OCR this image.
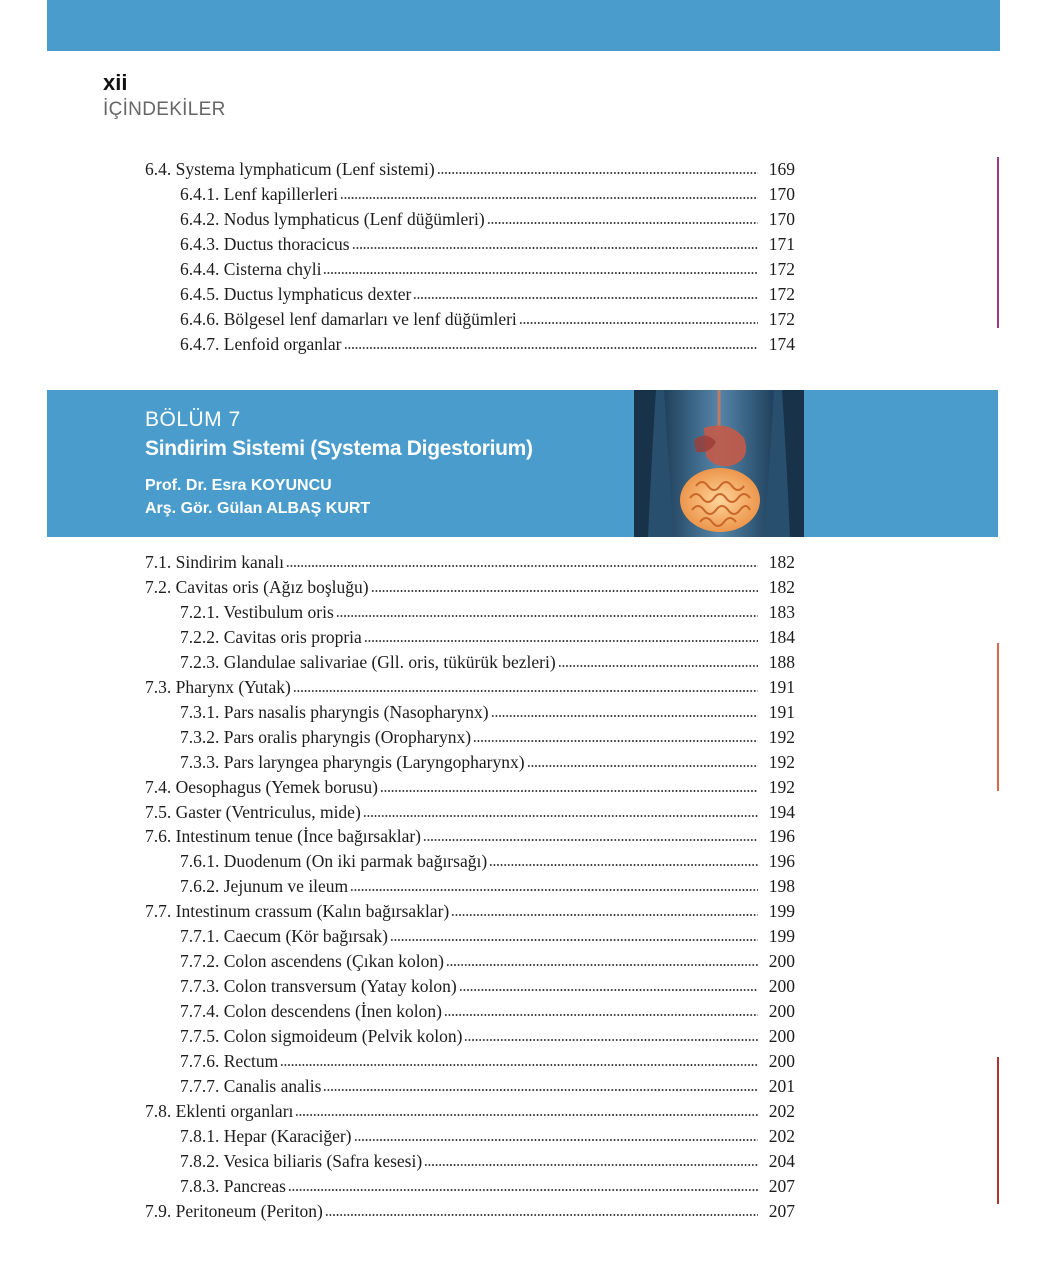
xii
İÇİNDEKİLER
6.4. Systema lymphaticum (Lenf sistemi)	169
6.4.1. Lenf kapillerleri	170
6.4.2. Nodus lymphaticus (Lenf düğümleri)	170
6.4.3. Ductus thoracicus	171
6.4.4. Cisterna chyli	172
6.4.5. Ductus lymphaticus dexter	172
6.4.6. Bölgesel lenf damarları ve lenf düğümleri	172
6.4.7. Lenfoid organlar	174
BÖLÜM 7
Sindirim Sistemi (Systema Digestorium)
Prof. Dr. Esra KOYUNCU
Arş. Gör. Gülan ALBAŞ KURT
7.1. Sindirim kanalı	182
7.2. Cavitas oris (Ağız boşluğu)	182
7.2.1. Vestibulum oris	183
7.2.2. Cavitas oris propria	184
7.2.3. Glandulae salivariae (Gll. oris, tükürük bezleri)	188
7.3. Pharynx (Yutak)	191
7.3.1. Pars nasalis pharyngis (Nasopharynx)	191
7.3.2. Pars oralis pharyngis (Oropharynx)	192
7.3.3. Pars laryngea pharyngis (Laryngopharynx)	192
7.4. Oesophagus (Yemek borusu)	192
7.5. Gaster (Ventriculus, mide)	194
7.6. Intestinum tenue (İnce bağırsaklar)	196
7.6.1. Duodenum (On iki parmak bağırsağı)	196
7.6.2. Jejunum ve ileum	198
7.7. Intestinum crassum (Kalın bağırsaklar)	199
7.7.1. Caecum (Kör bağırsak)	199
7.7.2. Colon ascendens (Çıkan kolon)	200
7.7.3. Colon transversum (Yatay kolon)	200
7.7.4. Colon descendens (İnen kolon)	200
7.7.5. Colon sigmoideum (Pelvik kolon)	200
7.7.6. Rectum	200
7.7.7. Canalis analis	201
7.8. Eklenti organları	202
7.8.1. Hepar (Karaciğer)	202
7.8.2. Vesica biliaris (Safra kesesi)	204
7.8.3. Pancreas	207
7.9. Peritoneum (Periton)	207
